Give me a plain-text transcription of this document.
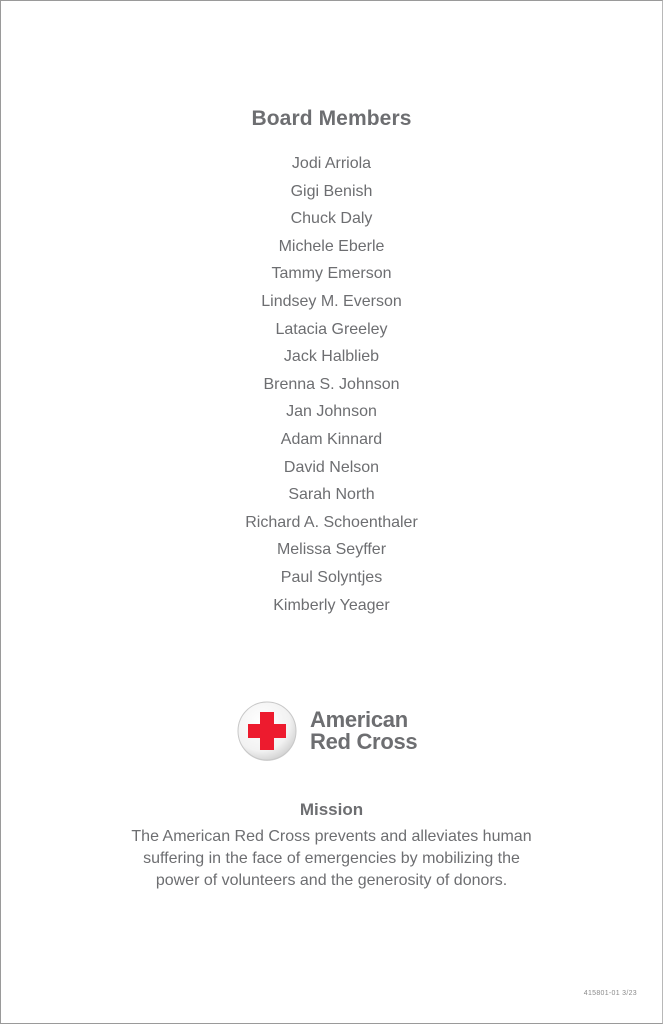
Board Members
Jodi Arriola
Gigi Benish
Chuck Daly
Michele Eberle
Tammy Emerson
Lindsey M. Everson
Latacia Greeley
Jack Halblieb
Brenna S. Johnson
Jan Johnson
Adam Kinnard
David Nelson
Sarah North
Richard A. Schoenthaler
Melissa Seyffer
Paul Solyntjes
Kimberly Yeager
American
Red Cross
Mission

The American Red Cross prevents and alleviates human suffering in the face of emergencies by mobilizing the power of volunteers and the generosity of donors.

415801-01 3/23
